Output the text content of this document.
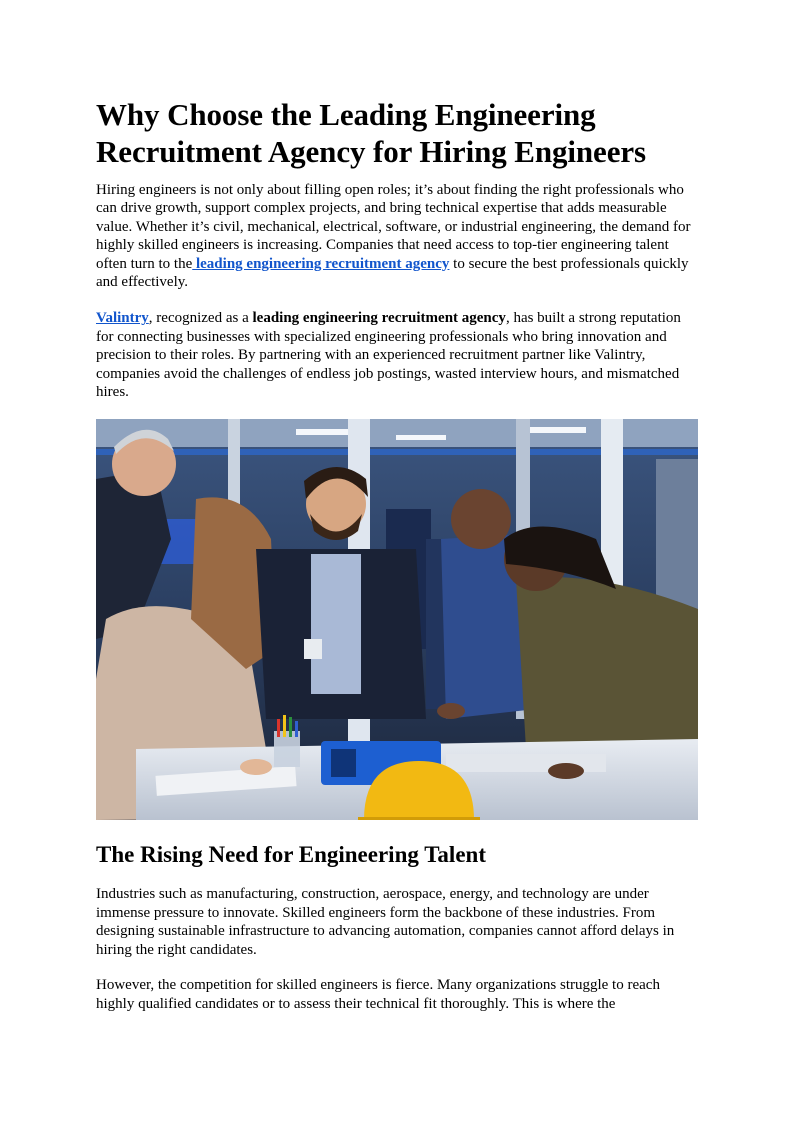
Why Choose the Leading Engineering Recruitment Agency for Hiring Engineers

Hiring engineers is not only about filling open roles; it’s about finding the right professionals who can drive growth, support complex projects, and bring technical expertise that adds measurable value. Whether it’s civil, mechanical, electrical, software, or industrial engineering, the demand for highly skilled engineers is increasing. Companies that need access to top-tier engineering talent often turn to the leading engineering recruitment agency to secure the best professionals quickly and effectively.

Valintry, recognized as a leading engineering recruitment agency, has built a strong reputation for connecting businesses with specialized engineering professionals who bring innovation and precision to their roles. By partnering with an experienced recruitment partner like Valintry, companies avoid the challenges of endless job postings, wasted interview hours, and mismatched hires.

The Rising Need for Engineering Talent

Industries such as manufacturing, construction, aerospace, energy, and technology are under immense pressure to innovate. Skilled engineers form the backbone of these industries. From designing sustainable infrastructure to advancing automation, companies cannot afford delays in hiring the right candidates.

However, the competition for skilled engineers is fierce. Many organizations struggle to reach highly qualified candidates or to assess their technical fit thoroughly. This is where the
